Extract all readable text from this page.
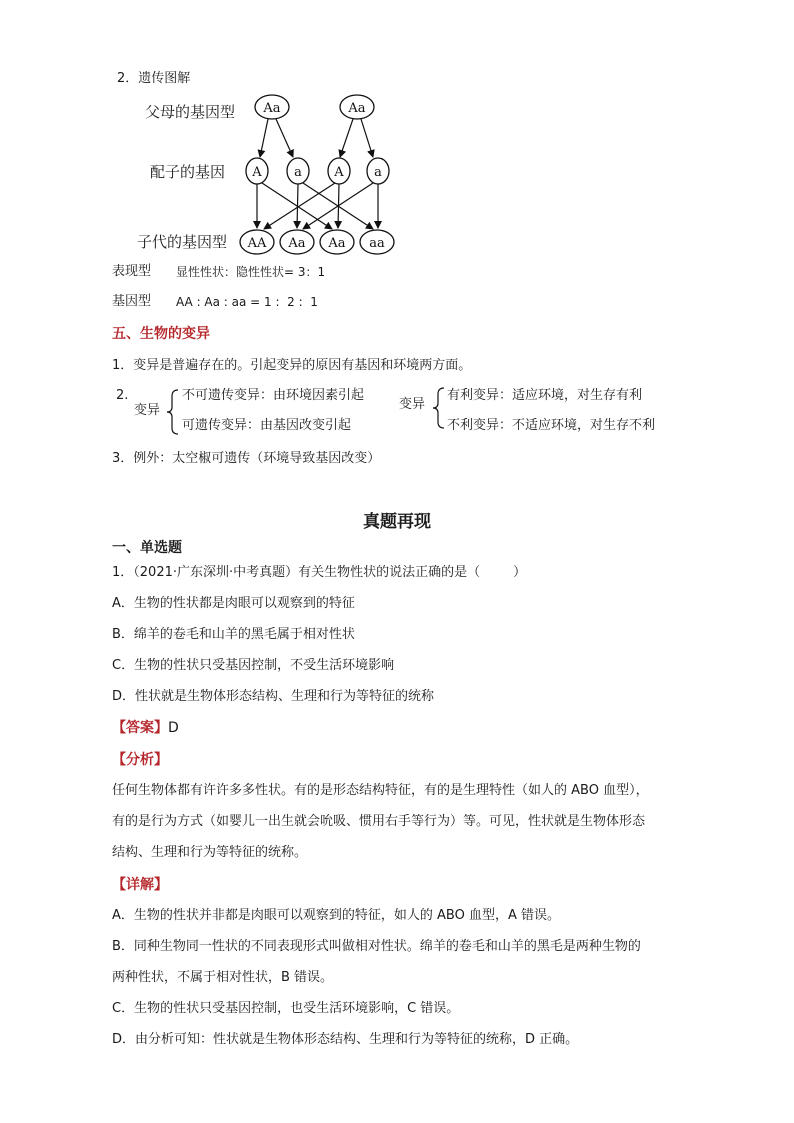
2．遗传图解
父母的基因型
配子的基因
子代的基因型
Aa	Aa
A a A a
AA Aa Aa aa
表现型 显性性状：隐性性状= 3：1
基因型 AA : Aa : aa = 1 :  2 :  1
五、生物的变异
1．变异是普遍存在的。引起变异的原因有基因和环境两方面。
2.
变异
不可遗传变异：由环境因素引起
可遗传变异：由基因改变引起
变异
有利变异：适应环境，对生存有利
不利变异：不适应环境，对生存不利
3．例外：太空椒可遗传（环境导致基因改变）
真题再现
一、单选题
1．（2021·广东深圳·中考真题）有关生物性状的说法正确的是（        ）
A．生物的性状都是肉眼可以观察到的特征
B．绵羊的卷毛和山羊的黑毛属于相对性状
C．生物的性状只受基因控制，不受生活环境影响
D．性状就是生物体形态结构、生理和行为等特征的统称
【答案】D
【分析】
任何生物体都有许许多多性状。有的是形态结构特征，有的是生理特性（如人的 ABO 血型），
有的是行为方式（如婴儿一出生就会吮吸、惯用右手等行为）等。可见，性状就是生物体形态
结构、生理和行为等特征的统称。
【详解】
A．生物的性状并非都是肉眼可以观察到的特征，如人的 ABO 血型，A 错误。
B．同种生物同一性状的不同表现形式叫做相对性状。绵羊的卷毛和山羊的黑毛是两种生物的
两种性状，不属于相对性状，B 错误。
C．生物的性状只受基因控制，也受生活环境影响，C 错误。
D．由分析可知：性状就是生物体形态结构、生理和行为等特征的统称，D 正确。
